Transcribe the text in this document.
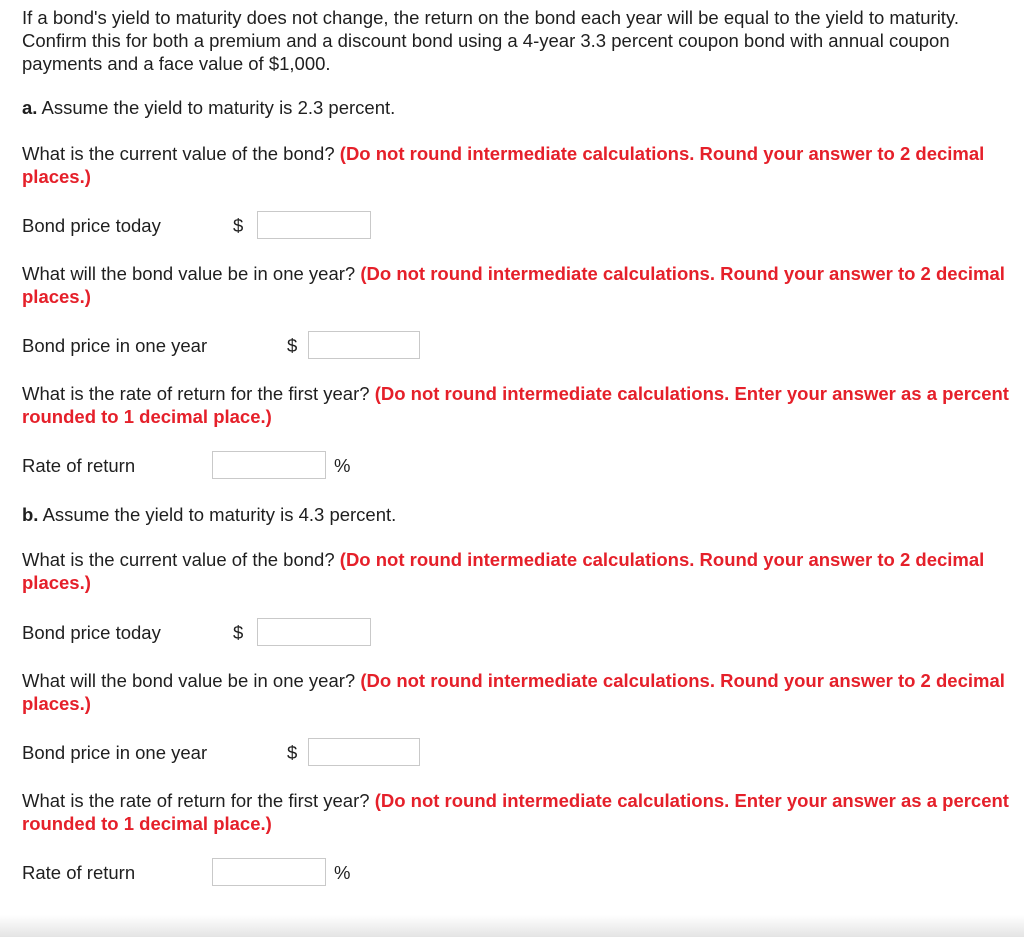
If a bond's yield to maturity does not change, the return on the bond each year will be equal to the yield to maturity. Confirm this for both a premium and a discount bond using a 4-year 3.3 percent coupon bond with annual coupon payments and a face value of $1,000.

a. Assume the yield to maturity is 2.3 percent.

What is the current value of the bond? (Do not round intermediate calculations. Round your answer to 2 decimal places.)

Bond price today	$

What will the bond value be in one year? (Do not round intermediate calculations. Round your answer to 2 decimal places.)

Bond price in one year	$

What is the rate of return for the first year? (Do not round intermediate calculations. Enter your answer as a percent rounded to 1 decimal place.)

Rate of return	%

b. Assume the yield to maturity is 4.3 percent.

What is the current value of the bond? (Do not round intermediate calculations. Round your answer to 2 decimal places.)

Bond price today	$

What will the bond value be in one year? (Do not round intermediate calculations. Round your answer to 2 decimal places.)

Bond price in one year	$

What is the rate of return for the first year? (Do not round intermediate calculations. Enter your answer as a percent rounded to 1 decimal place.)

Rate of return	%
